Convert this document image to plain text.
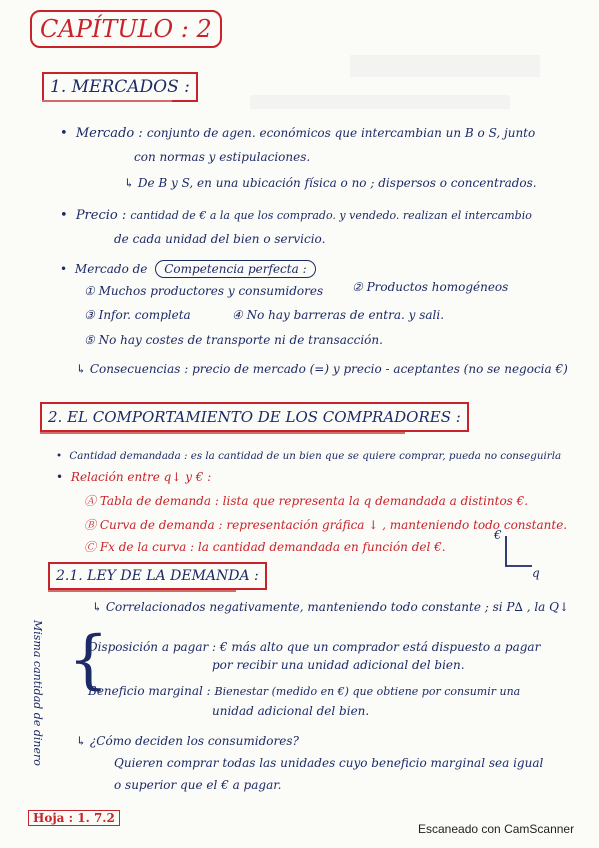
CAPÍTULO : 2
1. MERCADOS :
• Mercado : conjunto de agen. económicos que intercambian un B o S, junto
con normas y estipulaciones.
↳ De B y S, en una ubicación física o no ; dispersos o concentrados.
• Precio : cantidad de € a la que los comprado. y vendedo. realizan el intercambio
de cada unidad del bien o servicio.
• Mercado de Competencia perfecta :
① Muchos productores y consumidores ② Productos homogéneos
③ Infor. completa	④ No hay barreras de entra. y sali.
⑤ No hay costes de transporte ni de transacción.
↳ Consecuencias : precio de mercado (=) y precio - aceptantes (no se negocia €)
2. EL COMPORTAMIENTO DE LOS COMPRADORES :
• Cantidad demandada : es la cantidad de un bien que se quiere comprar, pueda no conseguirla
• Relación entre q↓ y € :
Ⓐ Tabla de demanda : lista que representa la q demandada a distintos €.
Ⓑ Curva de demanda : representación gráfica ↓ , manteniendo todo constante.
Ⓒ Fx de la curva : la cantidad demandada en función del €.
€
q
2.1. LEY DE LA DEMANDA :
↳ Correlacionados negativamente, manteniendo todo constante ; si P∆ , la Q↓
Misma cantidad de dinero {
Disposición a pagar : € más alto que un comprador está dispuesto a pagar
por recibir una unidad adicional del bien.
Beneficio marginal : Bienestar (medido en €) que obtiene por consumir una
unidad adicional del bien.
↳ ¿Cómo deciden los consumidores?
Quieren comprar todas las unidades cuyo beneficio marginal sea igual
o superior que el € a pagar.
Hoja : 1. 7.2
Escaneado con CamScanner
